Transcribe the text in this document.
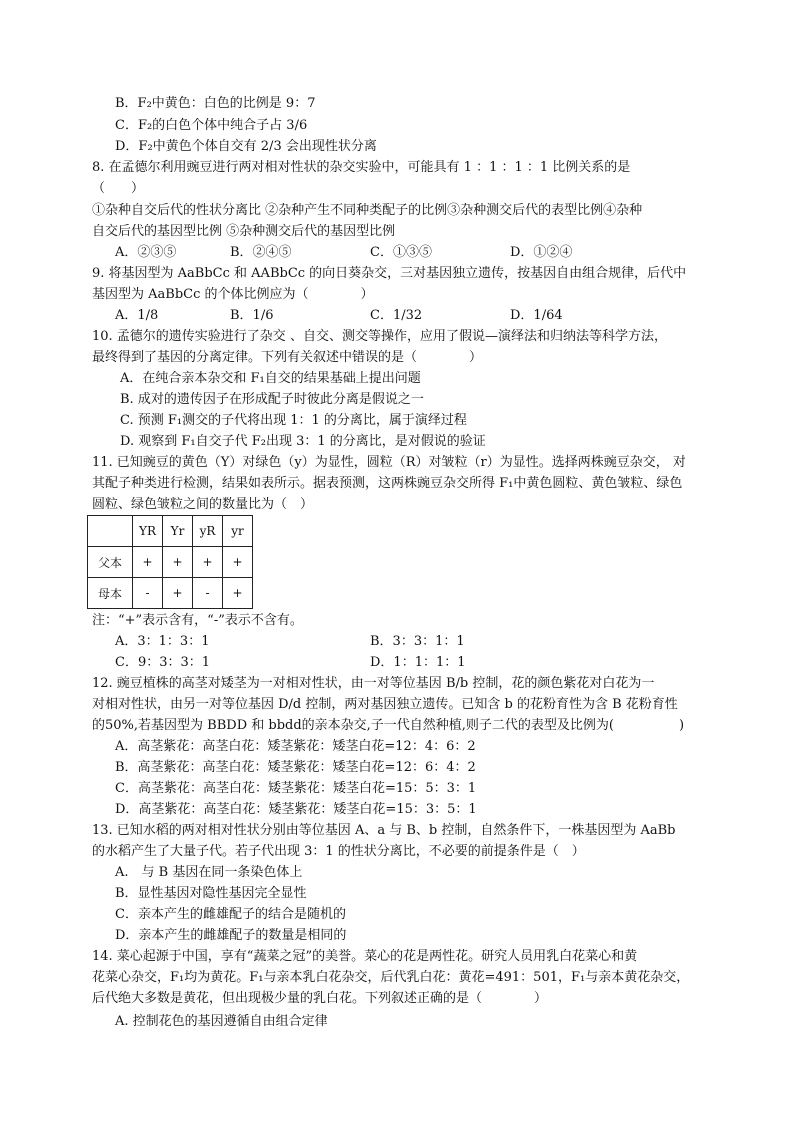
B．F₂中黄色：白色的比例是 9：7
C．F₂的白色个体中纯合子占 3/6
D．F₂中黄色个体自交有 2/3 会出现性状分离
8. 在孟德尔利用豌豆进行两对相对性状的杂交实验中，可能具有 1 ：1 ：1 ：1 比例关系的是
（　　）
①杂种自交后代的性状分离比 ②杂种产生不同种类配子的比例③杂种测交后代的表型比例④杂种
自交后代的基因型比例 ⑤杂种测交后代的基因型比例
A．②③⑤	B．②④⑤	C．①③⑤	D．①②④
9. 将基因型为 AaBbCc 和 AABbCc 的向日葵杂交，三对基因独立遗传，按基因自由组合规律，后代中
基因型为 AaBbCc 的个体比例应为（　　　　）
A．1/8	B．1/6	C．1/32	D．1/64
10. 孟德尔的遗传实验进行了杂交 、自交、测交等操作，应用了假说—演绎法和归纳法等科学方法，
最终得到了基因的分离定律。下列有关叙述中错误的是（　　　　）
A．在纯合亲本杂交和 F₁自交的结果基础上提出问题
B. 成对的遗传因子在形成配子时彼此分离是假说之一
C. 预测 F₁测交的子代将出现 1：1 的分离比，属于演绎过程
D. 观察到 F₁自交子代 F₂出现 3：1 的分离比，是对假说的验证
11. 已知豌豆的黄色（Y）对绿色（y）为显性，圆粒（R）对皱粒（r）为显性。选择两株豌豆杂交， 对
其配子种类进行检测，结果如表所示。据表预测，这两株豌豆杂交所得 F₁中黄色圆粒、黄色皱粒、绿色
圆粒、绿色皱粒之间的数量比为（　）
	YR	Yr	yR	yr
父本	+	+	+	+
母本	-	+	-	+
注：“+”表示含有，“-”表示不含有。
A．3：1：3：1	B．3：3：1：1
C．9：3：3：1	D．1：1：1：1
12. 豌豆植株的高茎对矮茎为一对相对性状，由一对等位基因 B/b 控制，花的颜色紫花对白花为一
对相对性状，由另一对等位基因 D/d 控制，两对基因独立遗传。已知含 b 的花粉育性为含 B 花粉育性
的50%,若基因型为 BBDD 和 bbdd的亲本杂交,子一代自然种植,则子二代的表型及比例为(　　　　　)
A．高茎紫花：高茎白花：矮茎紫花：矮茎白花=12：4：6：2
B．高茎紫花：高茎白花：矮茎紫花：矮茎白花=12：6：4：2
C．高茎紫花：高茎白花：矮茎紫花：矮茎白花=15：5：3：1
D．高茎紫花：高茎白花：矮茎紫花：矮茎白花=15：3：5：1
13. 已知水稻的两对相对性状分别由等位基因 A、a 与 B、b 控制，自然条件下，一株基因型为 AaBb
的水稻产生了大量子代。若子代出现 3：1 的性状分离比，不必要的前提条件是（　）
A.　与 B 基因在同一条染色体上
B．显性基因对隐性基因完全显性
C．亲本产生的雌雄配子的结合是随机的
D．亲本产生的雌雄配子的数量是相同的
14. 菜心起源于中国，享有“蔬菜之冠”的美誉。菜心的花是两性花。研究人员用乳白花菜心和黄
花菜心杂交，F₁均为黄花。F₁与亲本乳白花杂交，后代乳白花：黄花=491：501，F₁与亲本黄花杂交，
后代绝大多数是黄花，但出现极少量的乳白花。下列叙述正确的是（　　　　）
A. 控制花色的基因遵循自由组合定律
